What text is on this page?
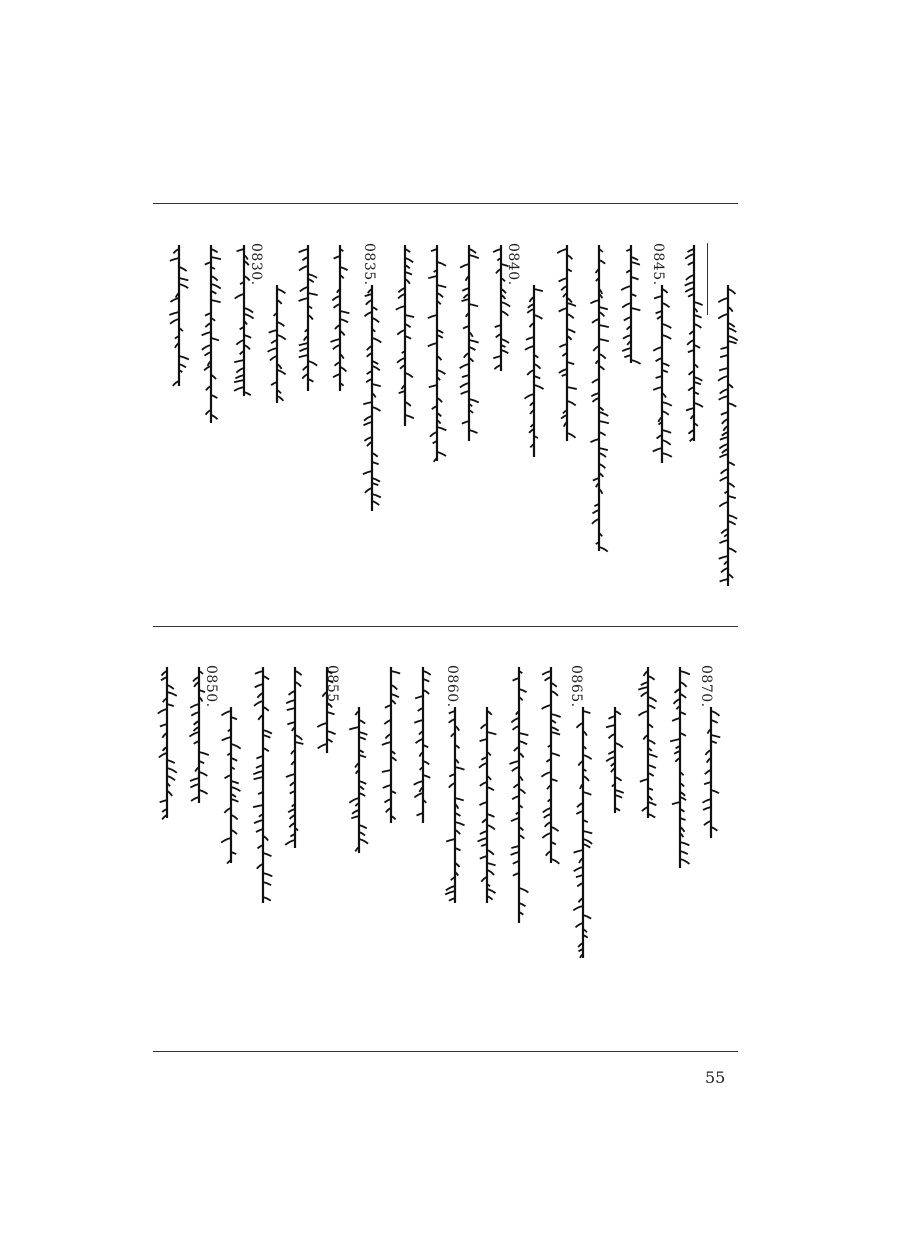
0845.
0840.
0835.
0830.
0870.
0865.
0860.
0855.
0850.
55
